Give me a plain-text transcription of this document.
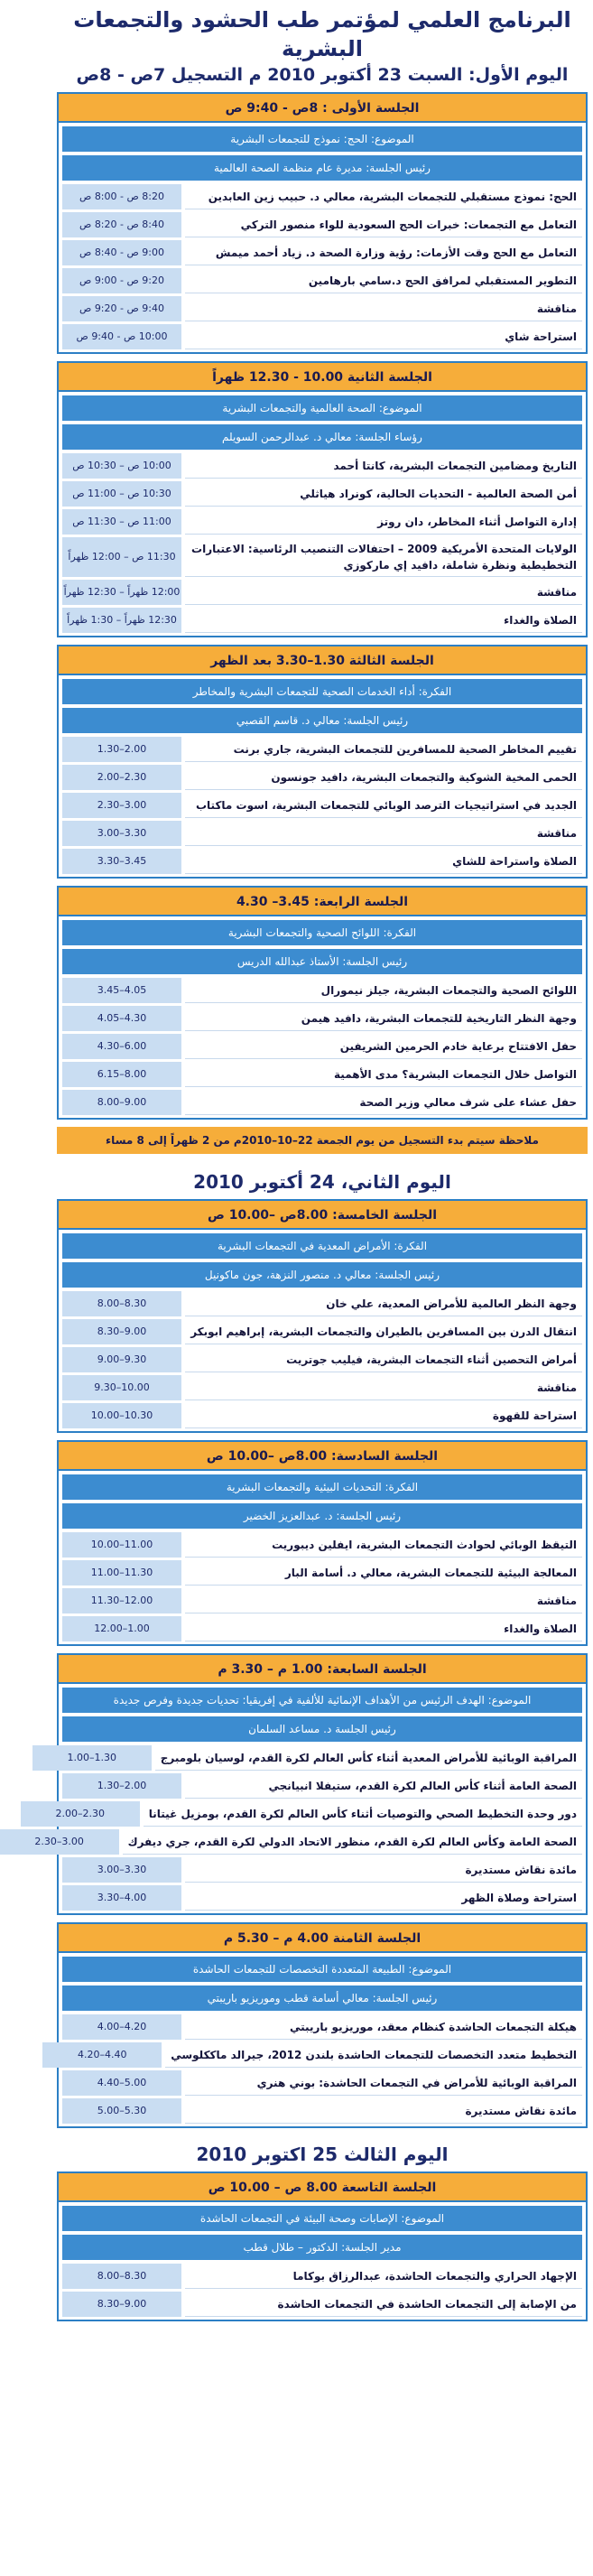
البرنامج العلمي لمؤتمر طب الحشود والتجمعات البشرية
اليوم الأول: السبت 23 أكتوبر 2010 م التسجيل 7ص - 8ص
الجلسة الأولى : 8ص - 9:40 ص
الموضوع: الحج: نموذج للتجمعات البشرية
رئيس الجلسة: مديرة عام منظمة الصحة العالمية
الحج: نموذج مستقبلي للتجمعات البشرية، معالي د. حبيب زين العابدين
8:20 ص - 8:00 ص
التعامل مع التجمعات: خبرات الحج السعودية للواء منصور التركي
8:40 ص - 8:20 ص
التعامل مع الحج وقت الأزمات: رؤية وزارة الصحة د. زياد أحمد ميمش
9:00 ص - 8:40 ص
التطوير المستقبلي لمرافق الحج د.سامي بارهامين
9:20 ص - 9:00 ص
مناقشة
9:40 ص - 9:20 ص
استراحة شاي
10:00 ص - 9:40 ص
الجلسة الثانية 10.00 - 12.30 ظهراً
الموضوع: الصحة العالمية والتجمعات البشرية
رؤساء الجلسة: معالي د. عبدالرحمن السويلم
التاريخ ومضامين التجمعات البشرية، كانتا أحمد
10:00 ص – 10:30 ص
أمن الصحة العالمية - التحديات الحالية، كونراد هياثلي
10:30 ص – 11:00 ص
إدارة التواصل أثناء المخاطر، دان روتز
11:00 ص – 11:30 ص
الولايات المتحدة الأمريكية 2009 – احتفالات التنصيب الرئاسية: الاعتبارات التخطيطية ونظرة شاملة، دافيد إي ماركوزي
11:30 ص – 12:00 ظهراً
مناقشة
12:00 ظهراً – 12:30 ظهراً
الصلاة والغداء
12:30 ظهراً – 1:30 ظهراً
الجلسة الثالثة 1.30–3.30 بعد الظهر
الفكرة: أداء الخدمات الصحية للتجمعات البشرية والمخاطر
رئيس الجلسة: معالي د. قاسم القصبي
تقييم المخاطر الصحية للمسافرين للتجمعات البشرية، جاري برنت
2.00–1.30
الحمى المخية الشوكية والتجمعات البشرية، دافيد جونسون
2.30–2.00
الجديد في استراتيجيات الترصد الوبائي للتجمعات البشرية، اسوت ماكتاب
3.00–2.30
مناقشة
3.30–3.00
الصلاة واستراحة للشاي
3.45–3.30
الجلسة الرابعة: 3.45– 4.30
الفكرة: اللوائح الصحية والتجمعات البشرية
رئيس الجلسة: الأستاذ عبدالله الدريس
اللوائح الصحية والتجمعات البشرية، جيلز نيمورال
4.05–3.45
وجهة النظر التاريخية للتجمعات البشرية، دافيد هيمن
4.30–4.05
حفل الافتتاح برعاية خادم الحرمين الشريفين
6.00–4.30
التواصل خلال التجمعات البشرية؟ مدى الأهمية
8.00–6.15
حفل عشاء على شرف معالي وزير الصحة
9.00–8.00
ملاحظة سيتم بدء التسجيل من يوم الجمعة 22–10–2010م من 2 ظهراً إلى 8 مساء
اليوم الثاني، 24 أكتوبر 2010
الجلسة الخامسة: 8.00ص –10.00 ص
الفكرة: الأمراض المعدية في التجمعات البشرية
رئيس الجلسة: معالي د. منصور النزهة، جون ماكونيل
وجهة النظر العالمية للأمراض المعدية، علي خان
8.30–8.00
انتقال الدرن بين المسافرين بالطيران والتجمعات البشرية، إبراهيم ابوبكر
9.00–8.30
أمراض التحصين أثناء التجمعات البشرية، فيليب جوتريت
9.30–9.00
مناقشة
10.00–9.30
استراحة للقهوة
10.30–10.00
الجلسة السادسة: 8.00ص –10.00 ص
الفكرة: التحديات البيئية والتجمعات البشرية
رئيس الجلسة: د. عبدالعزيز الخضير
التيقظ الوبائي لحوادث التجمعات البشرية، ايفلين ديبوريت
11.00–10.00
المعالجة البيئية للتجمعات البشرية، معالي د. أسامة البار
11.30–11.00
مناقشة
12.00–11.30
الصلاة والغداء
1.00–12.00
الجلسة السابعة: 1.00 م – 3.30 م
الموضوع: الهدف الرئيس من الأهداف الإنمائية للألفية في إفريقيا: تحديات جديدة وفرص جديدة
رئيس الجلسة د. مساعد السلمان
المراقبة الوبائية للأمراض المعدية أثناء كأس العالم لكرة القدم، لوسيان بلومبرج
1.30–1.00
الصحة العامة أثناء كأس العالم لكرة القدم، ستيفلا انبيانجي
2.00–1.30
دور وحدة التخطيط الصحي والتوصيات أثناء كأس العالم لكرة القدم، بومزيل غيتانا
2.30–2.00
الصحة العامة وكأس العالم لكرة القدم، منظور الاتحاد الدولي لكرة القدم، جري ديفرك
3.00–2.30
مائدة نقاش مستديرة
3.30–3.00
استراحة وصلاة الظهر
4.00–3.30
الجلسة الثامنة 4.00 م – 5.30 م
الموضوع: الطبيعة المتعددة التخصصات للتجمعات الحاشدة
رئيس الجلسة: معالي أسامة قطب وموريزيو باريبتي
هيكلة التجمعات الحاشدة كنظام معقد، موريزيو باريبتي
4.20–4.00
التخطيط متعدد التخصصات للتجمعات الحاشدة بلندن 2012، جيرالد ماككلوسي
4.40–4.20
المراقبة الوبائية للأمراض في التجمعات الحاشدة: بوني هنري
5.00–4.40
مائدة نقاش مستديرة
5.30–5.00
اليوم الثالث 25 اكتوبر 2010
الجلسة التاسعة 8.00 ص – 10.00 ص
الموضوع: الإصابات وصحة البيئة في التجمعات الحاشدة
مدير الجلسة: الدكتور – طلال قطب
الإجهاد الحراري والتجمعات الحاشدة، عبدالرزاق بوكاما
8.30–8.00
من الإصابة إلى التجمعات الحاشدة في التجمعات الحاشدة
9.00–8.30
